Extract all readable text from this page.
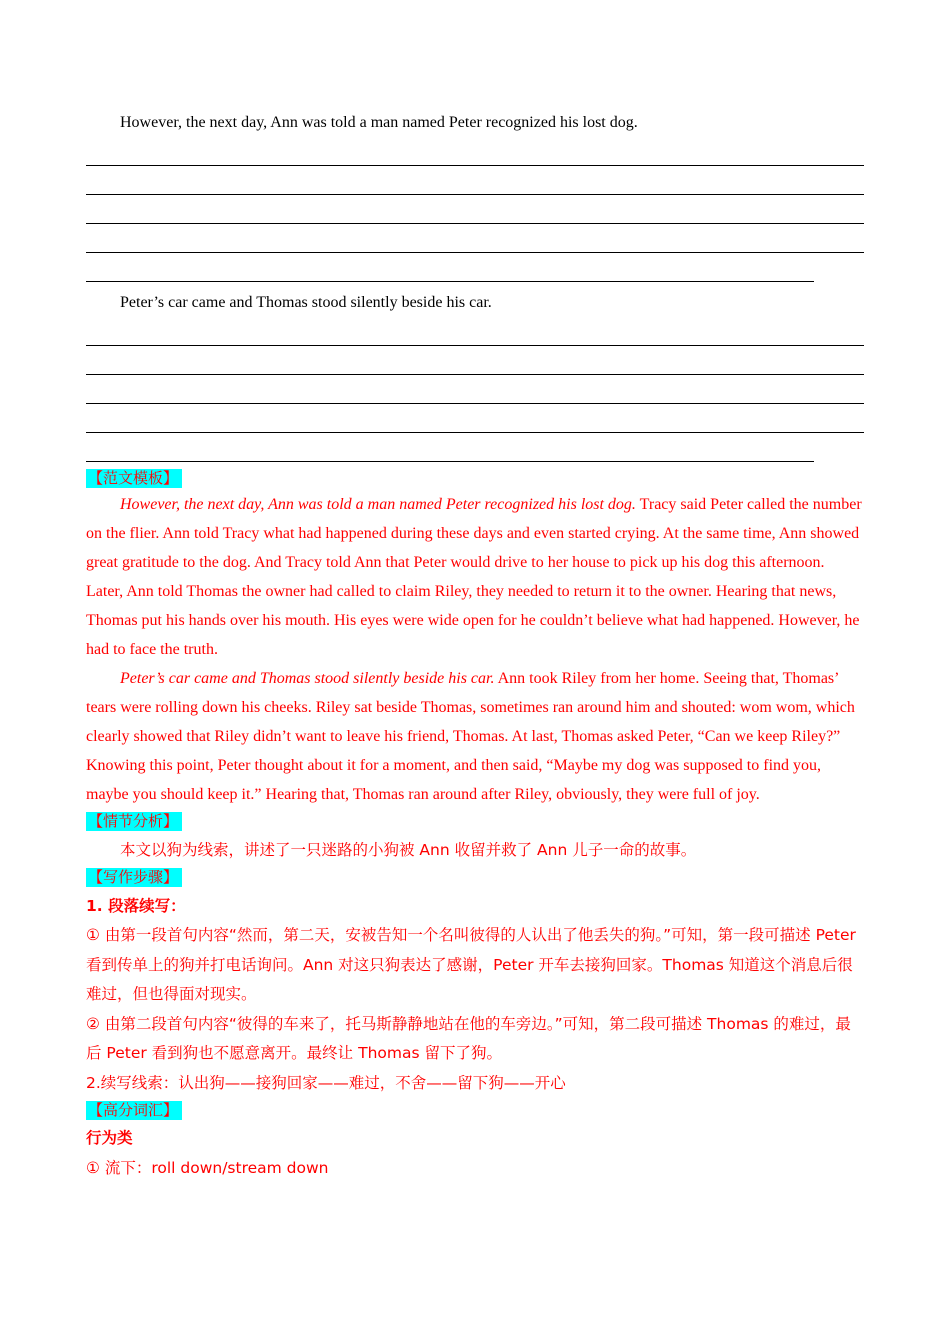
However, the next day, Ann was told a man named Peter recognized his lost dog.

Peter’s car came and Thomas stood silently beside his car.

【范文模板】

However, the next day, Ann was told a man named Peter recognized his lost dog. Tracy said Peter called the number on the flier. Ann told Tracy what had happened during these days and even started crying. At the same time, Ann showed great gratitude to the dog. And Tracy told Ann that Peter would drive to her house to pick up his dog this afternoon. Later, Ann told Thomas the owner had called to claim Riley, they needed to return it to the owner. Hearing that news, Thomas put his hands over his mouth. His eyes were wide open for he couldn’t believe what had happened. However, he had to face the truth.

Peter’s car came and Thomas stood silently beside his car. Ann took Riley from her home. Seeing that, Thomas’ tears were rolling down his cheeks. Riley sat beside Thomas, sometimes ran around him and shouted: wom wom, which clearly showed that Riley didn’t want to leave his friend, Thomas. At last, Thomas asked Peter, “Can we keep Riley?” Knowing this point, Peter thought about it for a moment, and then said, “Maybe my dog was supposed to find you, maybe you should keep it.” Hearing that, Thomas ran around after Riley, obviously, they were full of joy.

【情节分析】

本文以狗为线索，讲述了一只迷路的小狗被 Ann 收留并救了 Ann 儿子一命的故事。

【写作步骤】

1. 段落续写：

① 由第一段首句内容“然而，第二天，安被告知一个名叫彼得的人认出了他丢失的狗。”可知，第一段可描述 Peter 看到传单上的狗并打电话询问。Ann 对这只狗表达了感谢，Peter 开车去接狗回家。Thomas 知道这个消息后很难过，但也得面对现实。

② 由第二段首句内容“彼得的车来了，托马斯静静地站在他的车旁边。”可知，第二段可描述 Thomas 的难过，最后 Peter 看到狗也不愿意离开。最终让 Thomas 留下了狗。

2.续写线索：认出狗——接狗回家——难过，不舍——留下狗——开心

【高分词汇】

行为类

① 流下：roll down/stream down
